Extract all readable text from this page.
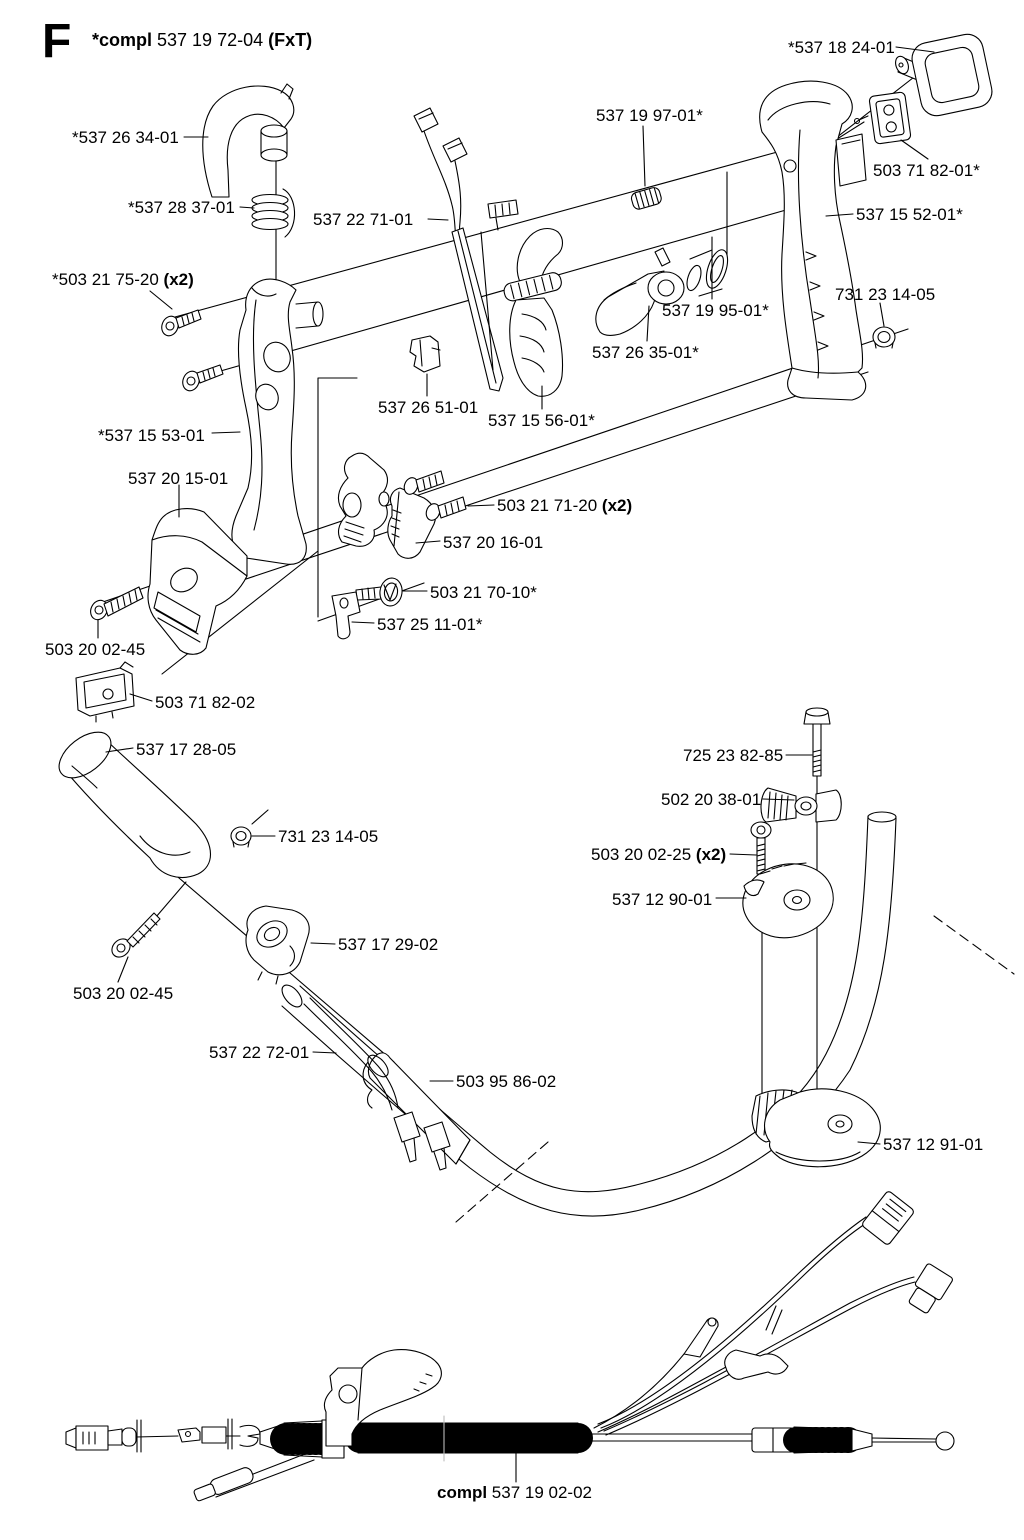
F *compl 537 19 72-04 (FxT)
*537 26 34-01
*537 28 37-01
537 22 71-01
537 19 97-01*
*537 18 24-01
503 71 82-01*
537 15 52-01*
*503 21 75-20 (x2)
537 19 95-01*
537 26 35-01*
731 23 14-05
537 26 51-01
537 15 56-01*
*537 15 53-01
537 20 15-01
503 21 71-20 (x2)
537 20 16-01
503 21 70-10*
537 25 11-01*
503 20 02-45
503 71 82-02
537 17 28-05
731 23 14-05
537 17 29-02
503 20 02-45
725 23 82-85
502 20 38-01
503 20 02-25 (x2)
537 12 90-01
537 22 72-01
503 95 86-02
537 12 91-01
compl 537 19 02-02
